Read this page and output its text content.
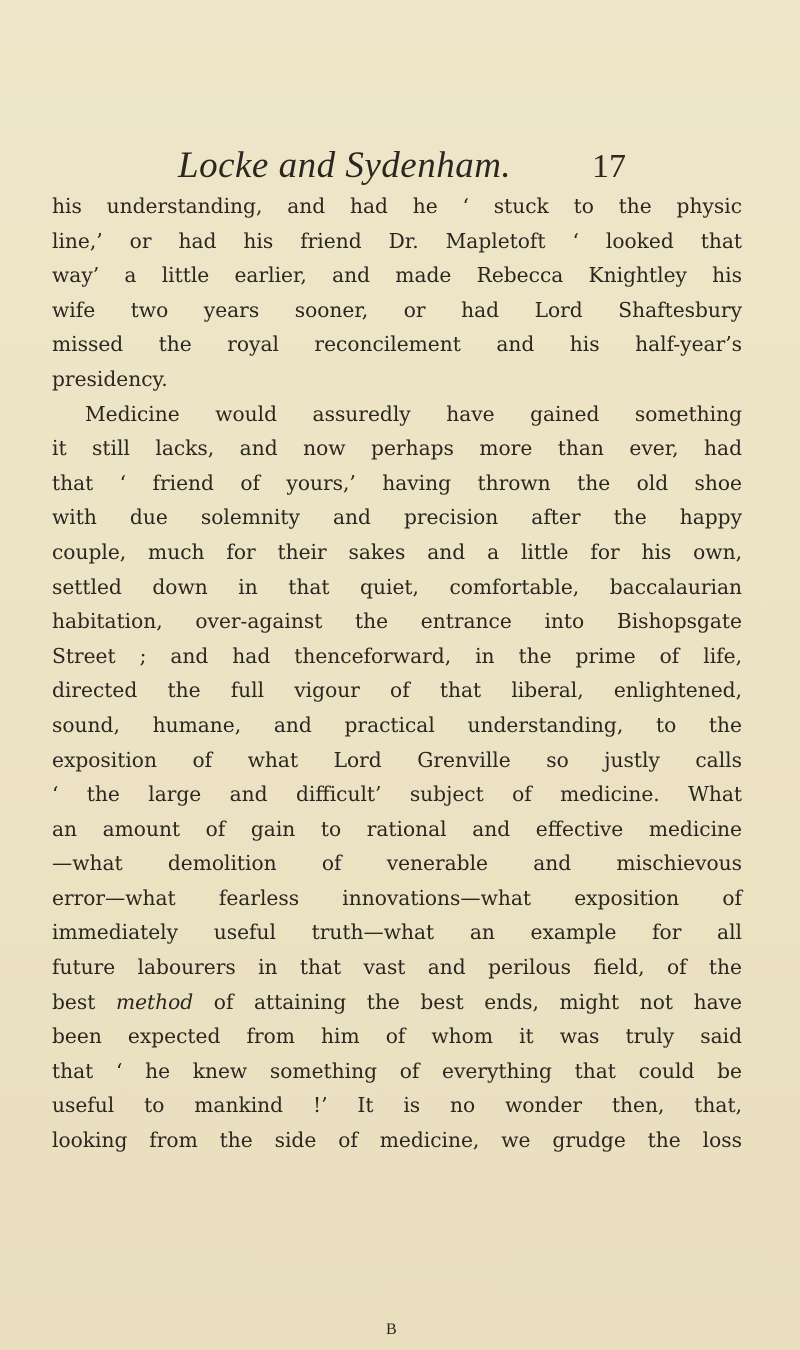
Locke and Sydenham. 17
his understanding, and had he ‘ stuck to the physic
line,’ or had his friend Dr. Mapletoft ‘ looked that
way’ a little earlier, and made Rebecca Knightley his
wife two years sooner, or had Lord Shaftesbury
missed the royal reconcilement and his half-year’s
presidency.
Medicine would assuredly have gained something
it still lacks, and now perhaps more than ever, had
that ‘ friend of yours,’ having thrown the old shoe
with due solemnity and precision after the happy
couple, much for their sakes and a little for his own,
settled down in that quiet, comfortable, baccalaurian
habitation, over-against the entrance into Bishopsgate
Street ; and had thenceforward, in the prime of life,
directed the full vigour of that liberal, enlightened,
sound, humane, and practical understanding, to the
exposition of what Lord Grenville so justly calls
‘ the large and difficult’ subject of medicine. What
an amount of gain to rational and effective medicine
—what demolition of venerable and mischievous
error—what fearless innovations—what exposition of
immediately useful truth—what an example for all
future labourers in that vast and perilous field, of the
best method of attaining the best ends, might not have
been expected from him of whom it was truly said
that ‘ he knew something of everything that could be
useful to mankind !’ It is no wonder then, that,
looking from the side of medicine, we grudge the loss
B
